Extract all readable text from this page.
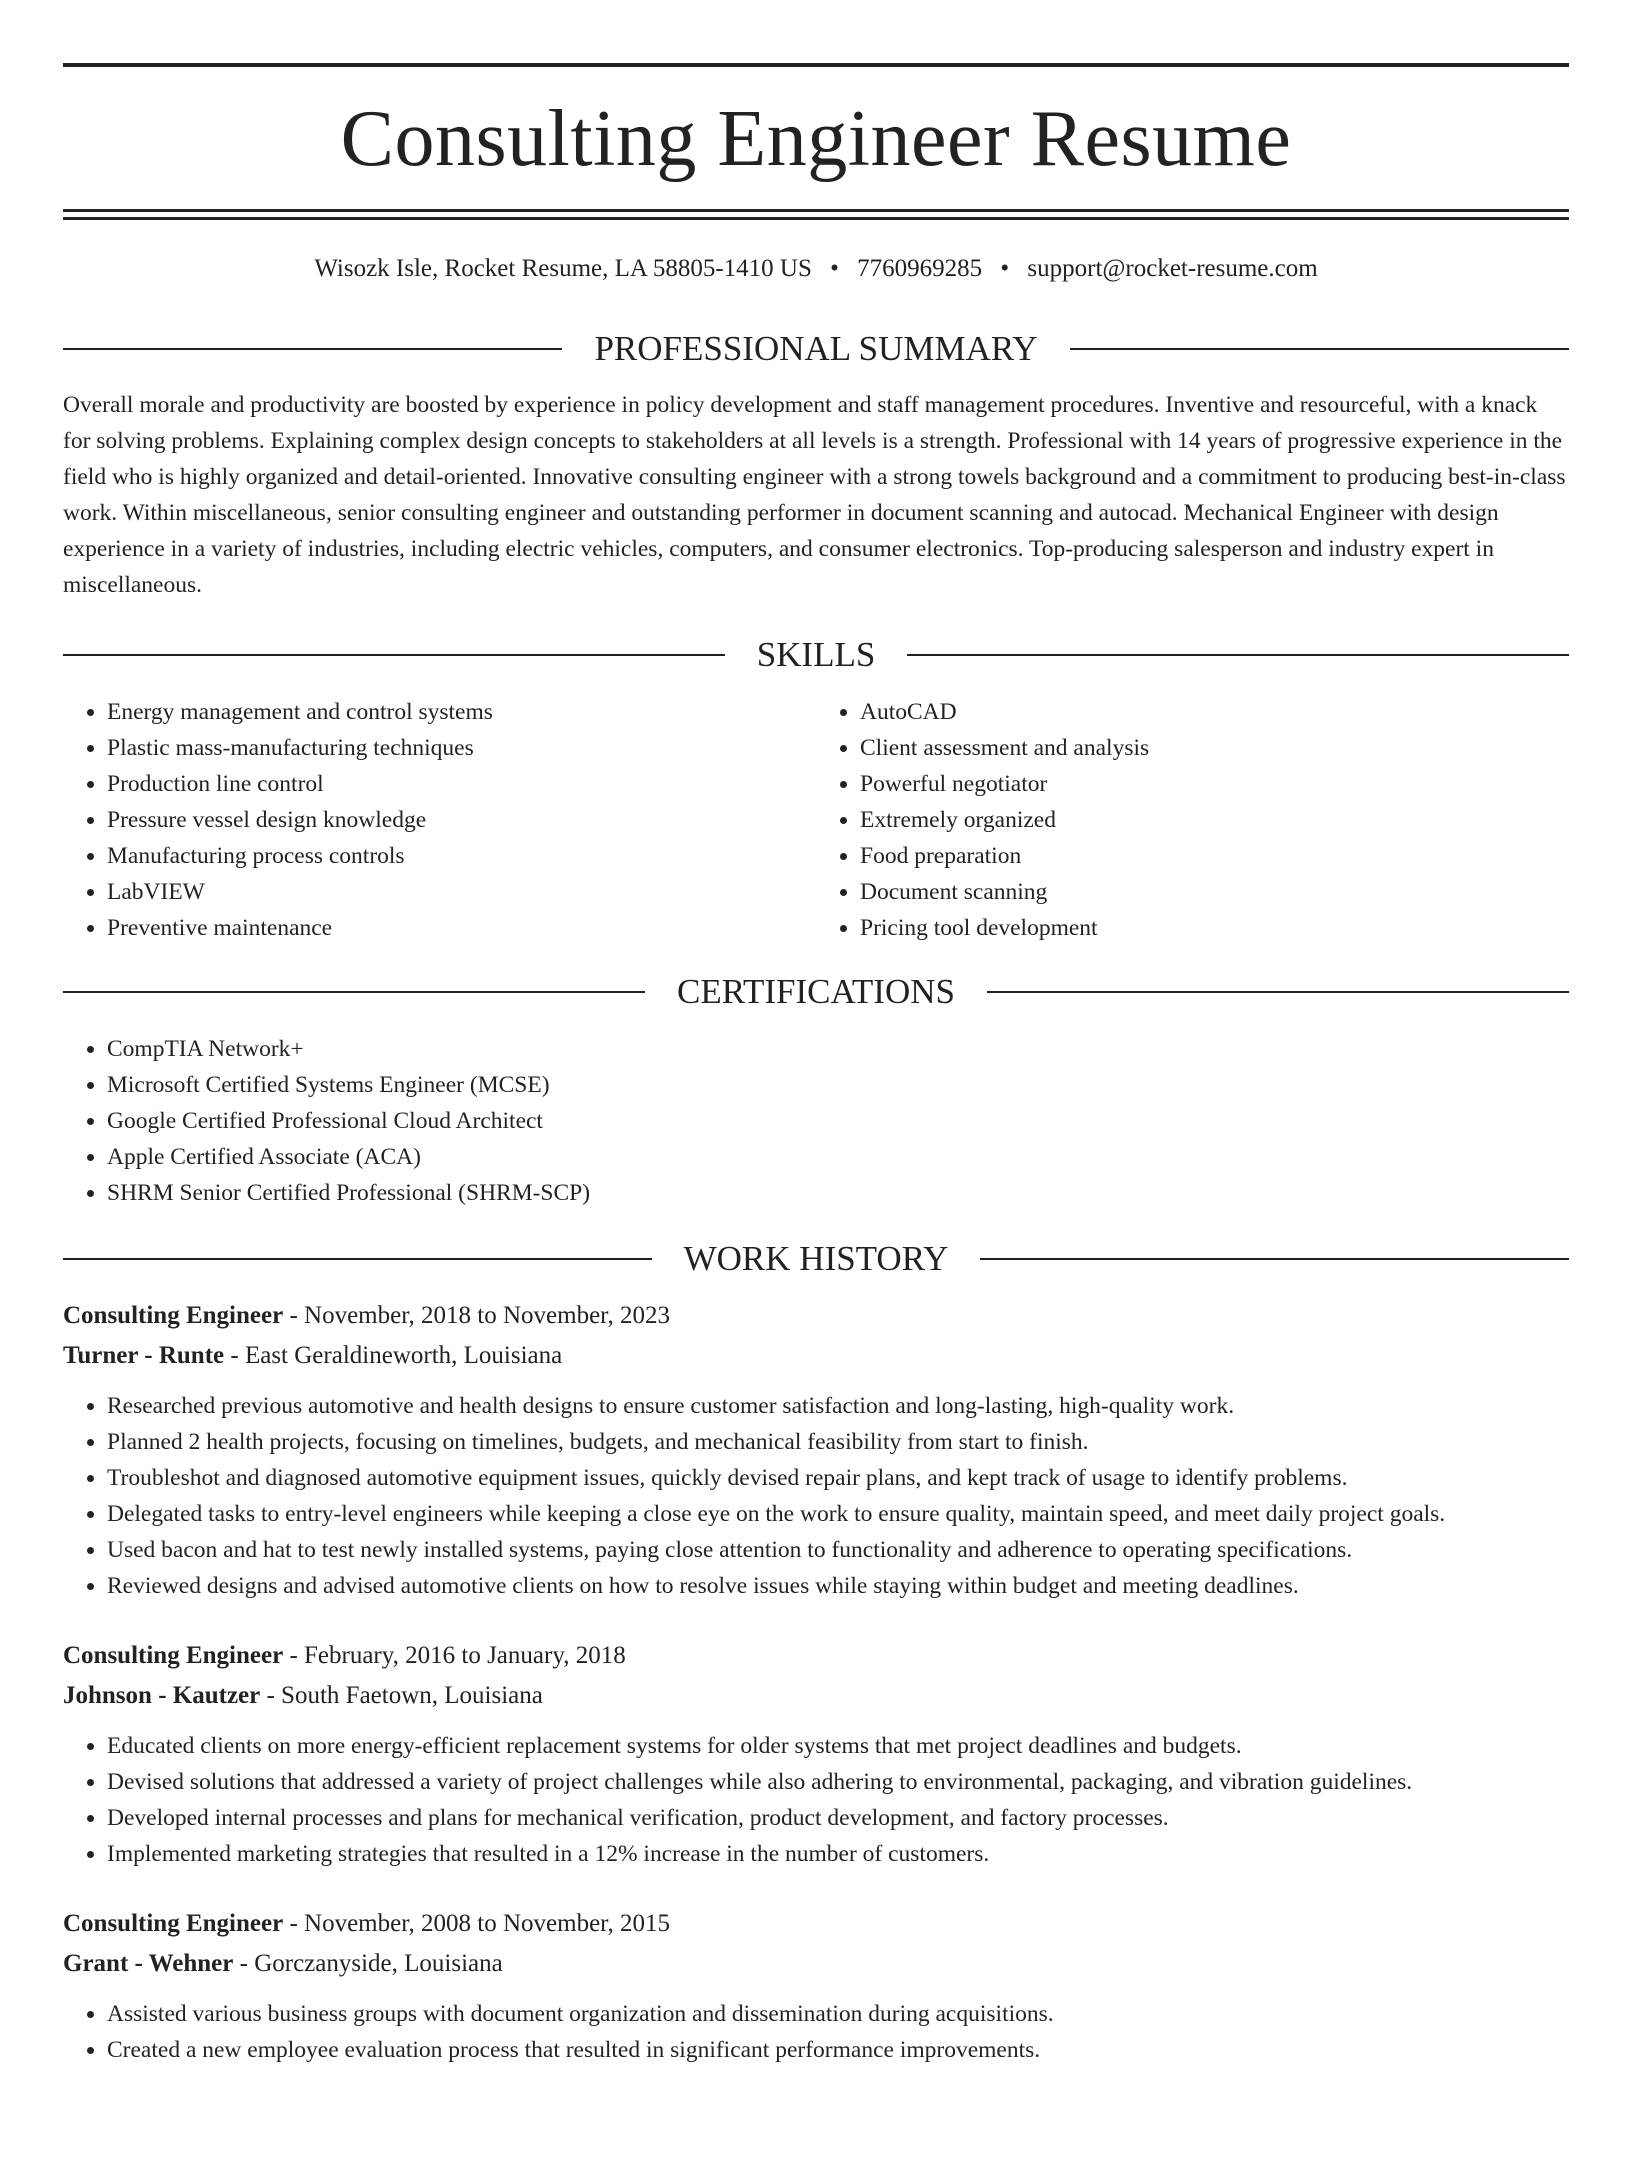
Consulting Engineer Resume
Wisozk Isle, Rocket Resume, LA 58805-1410 US • 7760969285 • support@rocket-resume.com
PROFESSIONAL SUMMARY

Overall morale and productivity are boosted by experience in policy development and staff management procedures. Inventive and resourceful, with a knack for solving problems. Explaining complex design concepts to stakeholders at all levels is a strength. Professional with 14 years of progressive experience in the field who is highly organized and detail-oriented. Innovative consulting engineer with a strong towels background and a commitment to producing best-in-class work. Within miscellaneous, senior consulting engineer and outstanding performer in document scanning and autocad. Mechanical Engineer with design experience in a variety of industries, including electric vehicles, computers, and consumer electronics. Top-producing salesperson and industry expert in miscellaneous.

SKILLS
• Energy management and control systems
• Plastic mass-manufacturing techniques
• Production line control
• Pressure vessel design knowledge
• Manufacturing process controls
• LabVIEW
• Preventive maintenance
• AutoCAD
• Client assessment and analysis
• Powerful negotiator
• Extremely organized
• Food preparation
• Document scanning
• Pricing tool development
CERTIFICATIONS
• CompTIA Network+
• Microsoft Certified Systems Engineer (MCSE)
• Google Certified Professional Cloud Architect
• Apple Certified Associate (ACA)
• SHRM Senior Certified Professional (SHRM-SCP)
WORK HISTORY
Consulting Engineer - November, 2018 to November, 2023
Turner - Runte - East Geraldineworth, Louisiana
• Researched previous automotive and health designs to ensure customer satisfaction and long-lasting, high-quality work.
• Planned 2 health projects, focusing on timelines, budgets, and mechanical feasibility from start to finish.
• Troubleshot and diagnosed automotive equipment issues, quickly devised repair plans, and kept track of usage to identify problems.
• Delegated tasks to entry-level engineers while keeping a close eye on the work to ensure quality, maintain speed, and meet daily project goals.
• Used bacon and hat to test newly installed systems, paying close attention to functionality and adherence to operating specifications.
• Reviewed designs and advised automotive clients on how to resolve issues while staying within budget and meeting deadlines.
Consulting Engineer - February, 2016 to January, 2018
Johnson - Kautzer - South Faetown, Louisiana
• Educated clients on more energy-efficient replacement systems for older systems that met project deadlines and budgets.
• Devised solutions that addressed a variety of project challenges while also adhering to environmental, packaging, and vibration guidelines.
• Developed internal processes and plans for mechanical verification, product development, and factory processes.
• Implemented marketing strategies that resulted in a 12% increase in the number of customers.
Consulting Engineer - November, 2008 to November, 2015
Grant - Wehner - Gorczanyside, Louisiana
• Assisted various business groups with document organization and dissemination during acquisitions.
• Created a new employee evaluation process that resulted in significant performance improvements.
